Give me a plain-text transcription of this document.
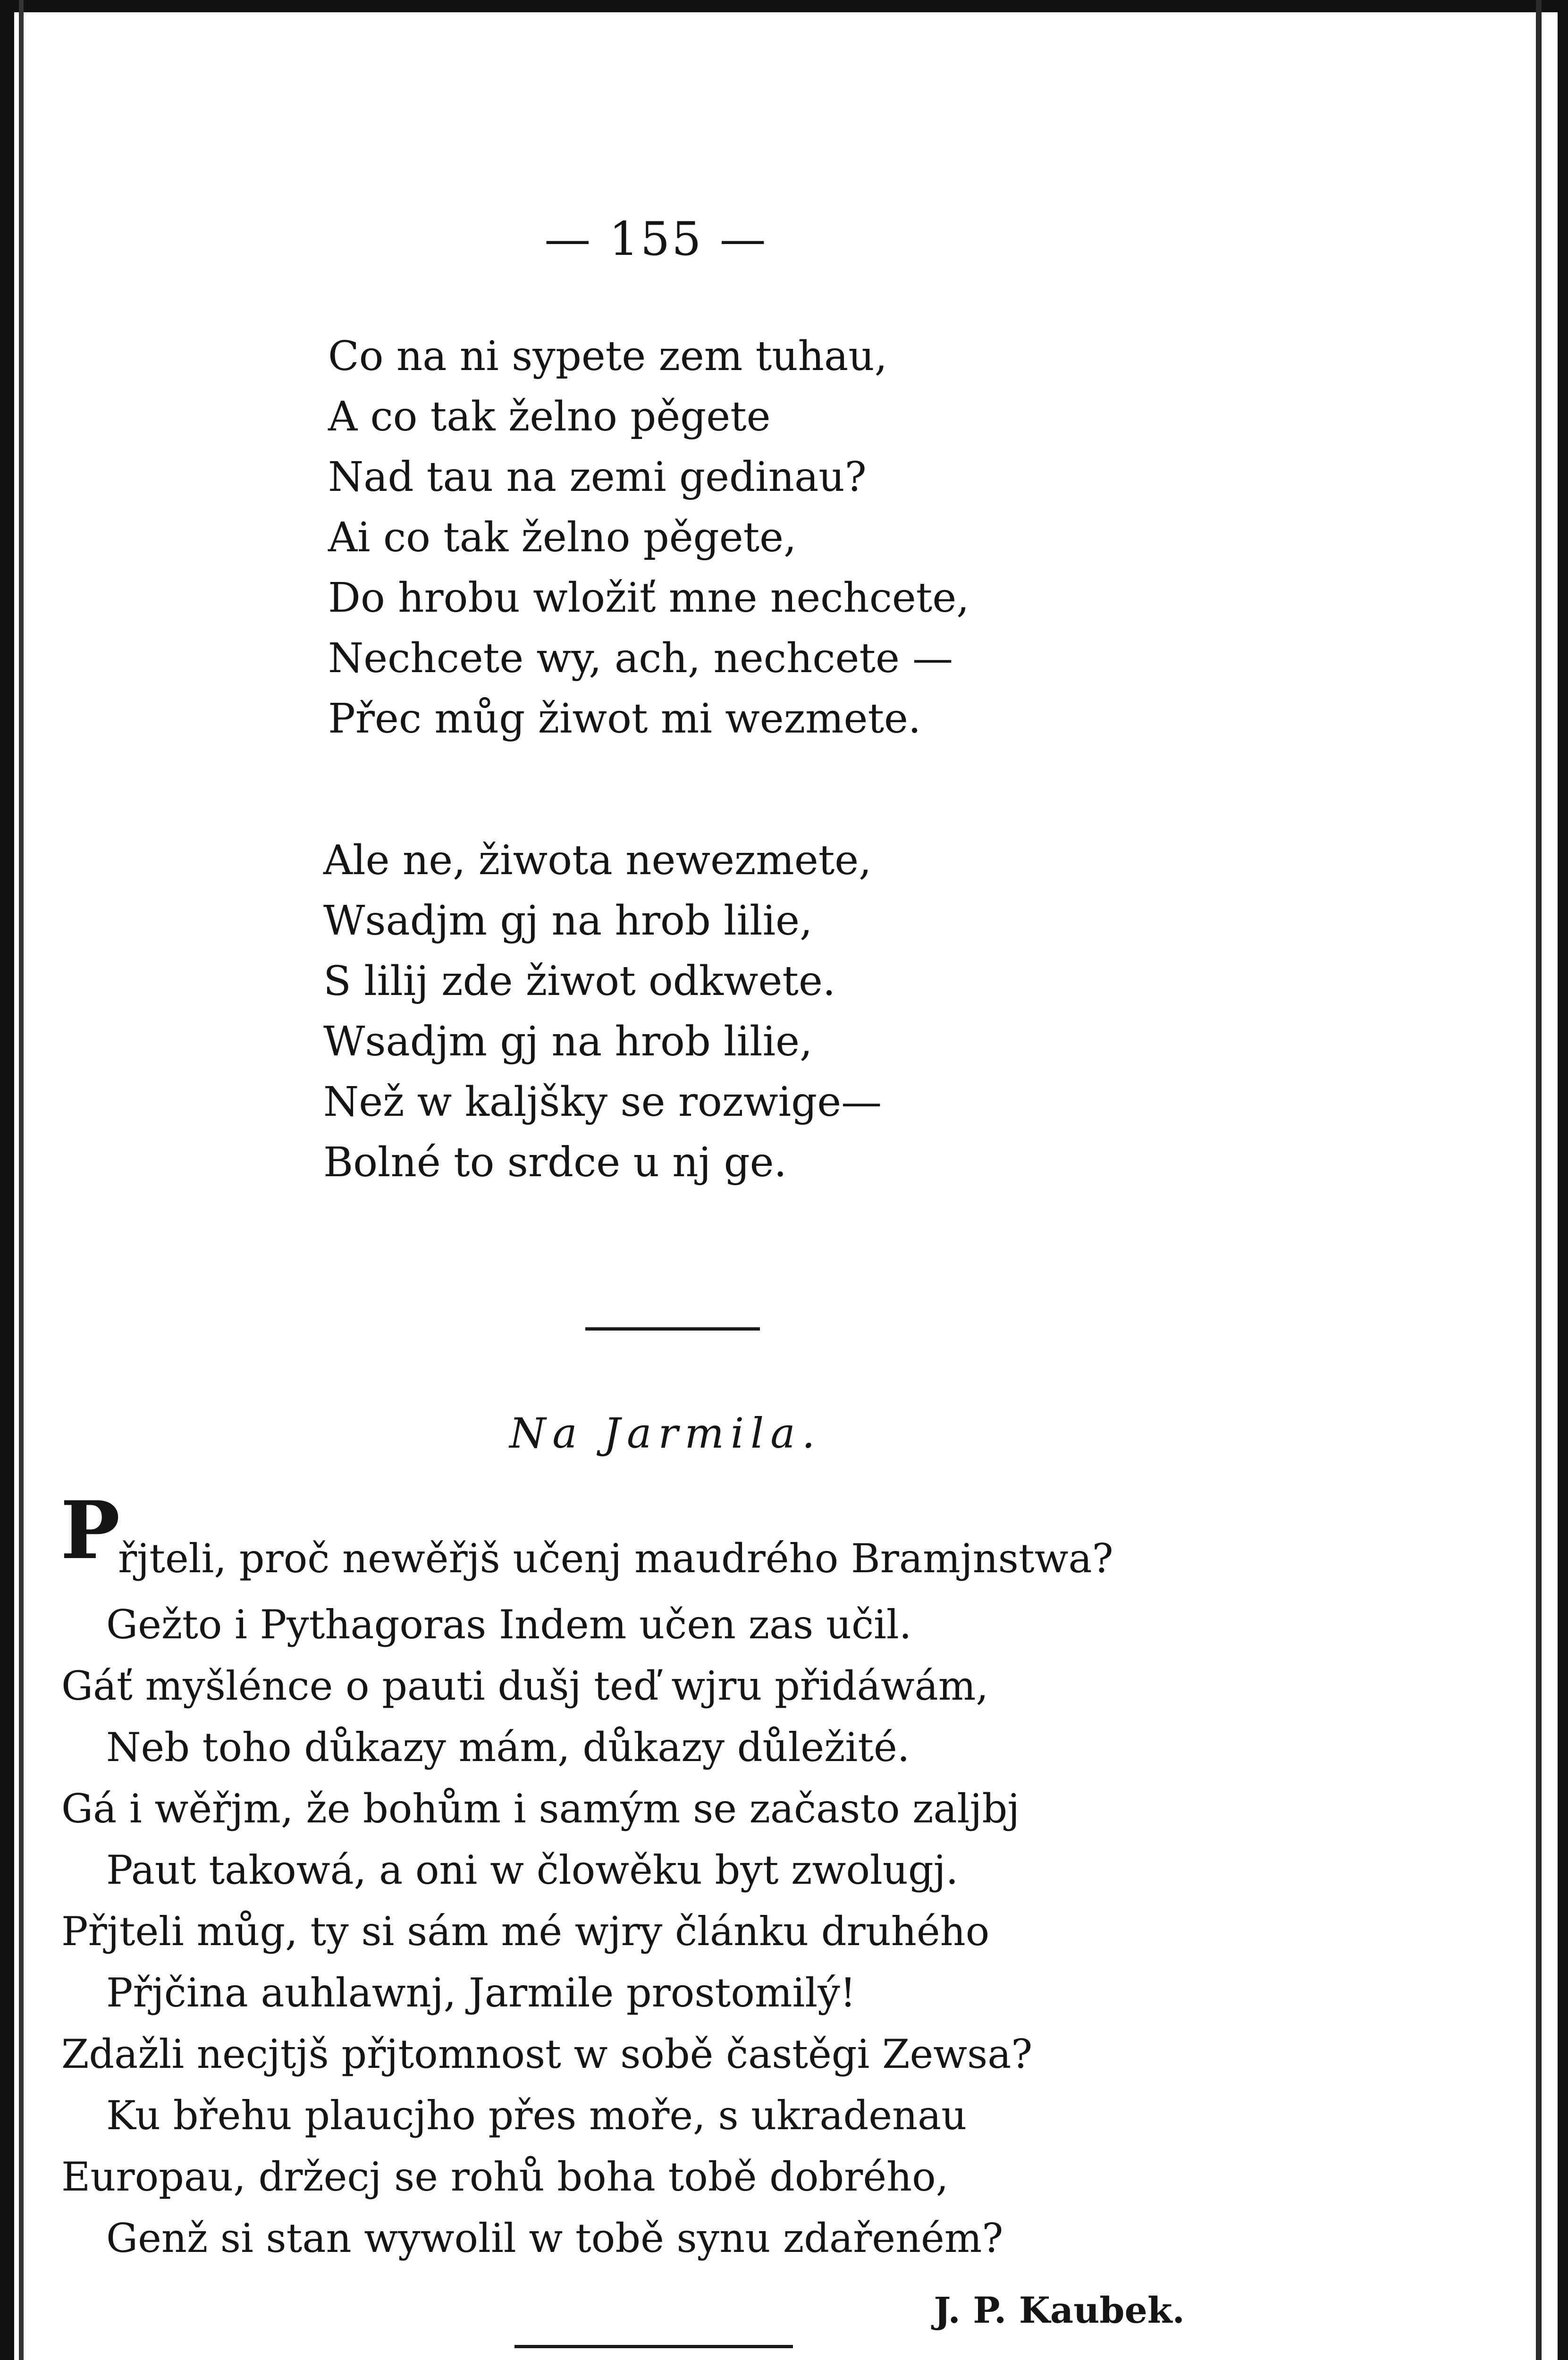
— 155 —
Co na ni sypete zem tuhau,
A co tak želno pěgete
Nad tau na zemi gedinau?
Ai co tak želno pěgete,
Do hrobu wložiť mne nechcete,
Nechcete wy, ach, nechcete —
Přec můg žiwot mi wezmete.
Ale ne, žiwota newezmete,
Wsadjm gj na hrob lilie,
S lilij zde žiwot odkwete.
Wsadjm gj na hrob lilie,
Než w kaljšky se rozwige—
Bolné to srdce u nj ge.
Na Jarmila.
P
řjteli, proč newěřjš učenj maudrého Bramjnstwa?
Gežto i Pythagoras Indem učen zas učil.
Gáť myšlénce o pauti dušj teď wjru přidáwám,
Neb toho důkazy mám, důkazy důležité.
Gá i wěřjm, že bohům i samým se začasto zaljbj
Paut takowá, a oni w člowěku byt zwolugj.
Přjteli můg, ty si sám mé wjry článku druhého
Přjčina auhlawnj, Jarmile prostomilý!
Zdažli necjtjš přjtomnost w sobě častěgi Zewsa?
Ku břehu plaucjho přes moře, s ukradenau
Europau, držecj se rohů boha tobě dobrého,
Genž si stan wywolil w tobě synu zdařeném?
J. P. Kaubek.
